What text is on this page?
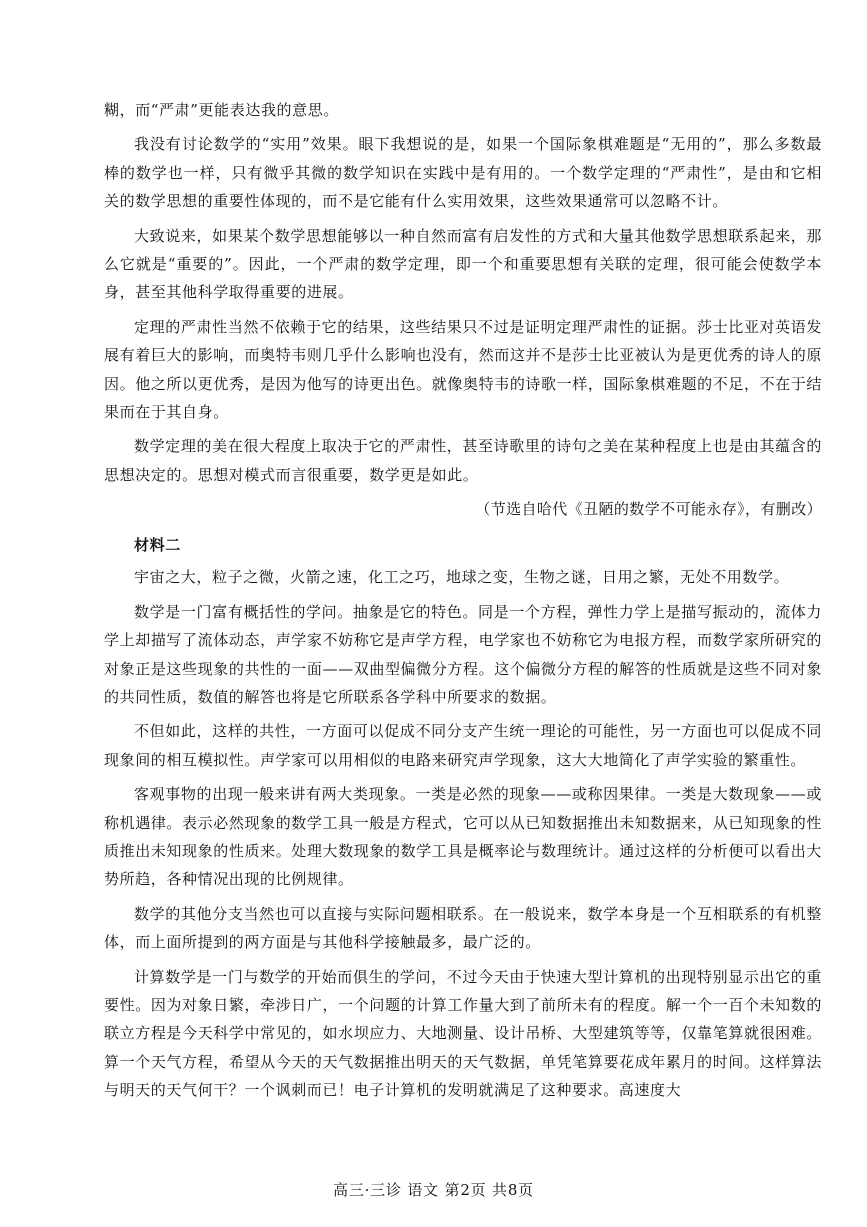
糊，而“严肃”更能表达我的意思。

我没有讨论数学的“实用”效果。眼下我想说的是，如果一个国际象棋难题是“无用的”，那么多数最棒的数学也一样，只有微乎其微的数学知识在实践中是有用的。一个数学定理的“严肃性”，是由和它相关的数学思想的重要性体现的，而不是它能有什么实用效果，这些效果通常可以忽略不计。

大致说来，如果某个数学思想能够以一种自然而富有启发性的方式和大量其他数学思想联系起来，那么它就是“重要的”。因此，一个严肃的数学定理，即一个和重要思想有关联的定理，很可能会使数学本身，甚至其他科学取得重要的进展。

定理的严肃性当然不依赖于它的结果，这些结果只不过是证明定理严肃性的证据。莎士比亚对英语发展有着巨大的影响，而奥特韦则几乎什么影响也没有，然而这并不是莎士比亚被认为是更优秀的诗人的原因。他之所以更优秀，是因为他写的诗更出色。就像奥特韦的诗歌一样，国际象棋难题的不足，不在于结果而在于其自身。

数学定理的美在很大程度上取决于它的严肃性，甚至诗歌里的诗句之美在某种程度上也是由其蕴含的思想决定的。思想对模式而言很重要，数学更是如此。

（节选自哈代《丑陋的数学不可能永存》，有删改）
材料二

宇宙之大，粒子之微，火箭之速，化工之巧，地球之变，生物之谜，日用之繁，无处不用数学。

数学是一门富有概括性的学问。抽象是它的特色。同是一个方程，弹性力学上是描写振动的，流体力学上却描写了流体动态，声学家不妨称它是声学方程，电学家也不妨称它为电报方程，而数学家所研究的对象正是这些现象的共性的一面——双曲型偏微分方程。这个偏微分方程的解答的性质就是这些不同对象的共同性质，数值的解答也将是它所联系各学科中所要求的数据。

不但如此，这样的共性，一方面可以促成不同分支产生统一理论的可能性，另一方面也可以促成不同现象间的相互模拟性。声学家可以用相似的电路来研究声学现象，这大大地简化了声学实验的繁重性。

客观事物的出现一般来讲有两大类现象。一类是必然的现象——或称因果律。一类是大数现象——或称机遇律。表示必然现象的数学工具一般是方程式，它可以从已知数据推出未知数据来，从已知现象的性质推出未知现象的性质来。处理大数现象的数学工具是概率论与数理统计。通过这样的分析便可以看出大势所趋，各种情况出现的比例规律。

数学的其他分支当然也可以直接与实际问题相联系。在一般说来，数学本身是一个互相联系的有机整体，而上面所提到的两方面是与其他科学接触最多，最广泛的。

计算数学是一门与数学的开始而俱生的学问，不过今天由于快速大型计算机的出现特别显示出它的重要性。因为对象日繁，牵涉日广，一个问题的计算工作量大到了前所未有的程度。解一个一百个未知数的联立方程是今天科学中常见的，如水坝应力、大地测量、设计吊桥、大型建筑等等，仅靠笔算就很困难。算一个天气方程，希望从今天的天气数据推出明天的天气数据，单凭笔算要花成年累月的时间。这样算法与明天的天气何干？一个讽刺而已！电子计算机的发明就满足了这种要求。高速度大

高三·三诊 语文 第2页 共8页
